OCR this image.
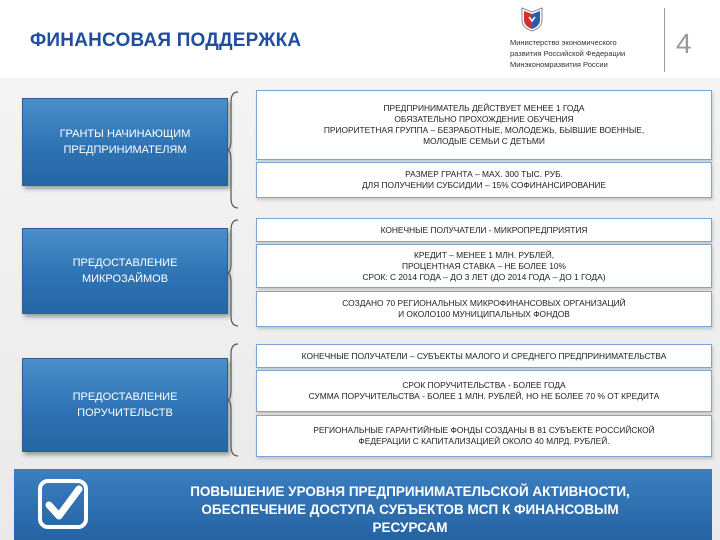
ФИНАНСОВАЯ ПОДДЕРЖКА	Министерство экономического
развития Российской Федерации
Минэкономразвития России
4
ГРАНТЫ НАЧИНАЮЩИМ
ПРЕДПРИНИМАТЕЛЯМ
ПРЕДПРИНИМАТЕЛЬ ДЕЙСТВУЕТ МЕНЕЕ 1 ГОДА
ОБЯЗАТЕЛЬНО ПРОХОЖДЕНИЕ ОБУЧЕНИЯ
ПРИОРИТЕТНАЯ ГРУППА – БЕЗРАБОТНЫЕ, МОЛОДЕЖЬ, БЫВШИЕ ВОЕННЫЕ,
МОЛОДЫЕ СЕМЬИ С ДЕТЬМИ
РАЗМЕР ГРАНТА – MAX. 300 ТЫС. РУБ.
ДЛЯ ПОЛУЧЕНИИ СУБСИДИИ – 15% СОФИНАНСИРОВАНИЕ
ПРЕДОСТАВЛЕНИЕ
МИКРОЗАЙМОВ
КОНЕЧНЫЕ ПОЛУЧАТЕЛИ - МИКРОПРЕДПРИЯТИЯ
КРЕДИТ – МЕНЕЕ 1 МЛН. РУБЛЕЙ,
ПРОЦЕНТНАЯ СТАВКА – НЕ БОЛЕЕ 10%
СРОК: С 2014 ГОДА – ДО 3 ЛЕТ (ДО 2014 ГОДА – ДО 1 ГОДА)
СОЗДАНО 70 РЕГИОНАЛЬНЫХ МИКРОФИНАНСОВЫХ ОРГАНИЗАЦИЙ
И ОКОЛО100 МУНИЦИПАЛЬНЫХ ФОНДОВ
ПРЕДОСТАВЛЕНИЕ
ПОРУЧИТЕЛЬСТВ
КОНЕЧНЫЕ ПОЛУЧАТЕЛИ – СУБЪЕКТЫ МАЛОГО И СРЕДНЕГО ПРЕДПРИНИМАТЕЛЬСТВА
СРОК ПОРУЧИТЕЛЬСТВА - БОЛЕЕ ГОДА
СУММА ПОРУЧИТЕЛЬСТВА - БОЛЕЕ 1 МЛН. РУБЛЕЙ, НО НЕ БОЛЕЕ 70 % ОТ КРЕДИТА
РЕГИОНАЛЬНЫЕ ГАРАНТИЙНЫЕ ФОНДЫ СОЗДАНЫ В 81 СУБЪЕКТЕ РОССИЙСКОЙ
ФЕДЕРАЦИИ С КАПИТАЛИЗАЦИЕЙ ОКОЛО 40 МЛРД. РУБЛЕЙ.
ПОВЫШЕНИЕ УРОВНЯ ПРЕДПРИНИМАТЕЛЬСКОЙ АКТИВНОСТИ,
ОБЕСПЕЧЕНИЕ ДОСТУПА СУБЪЕКТОВ МСП К ФИНАНСОВЫМ
РЕСУРСАМ
